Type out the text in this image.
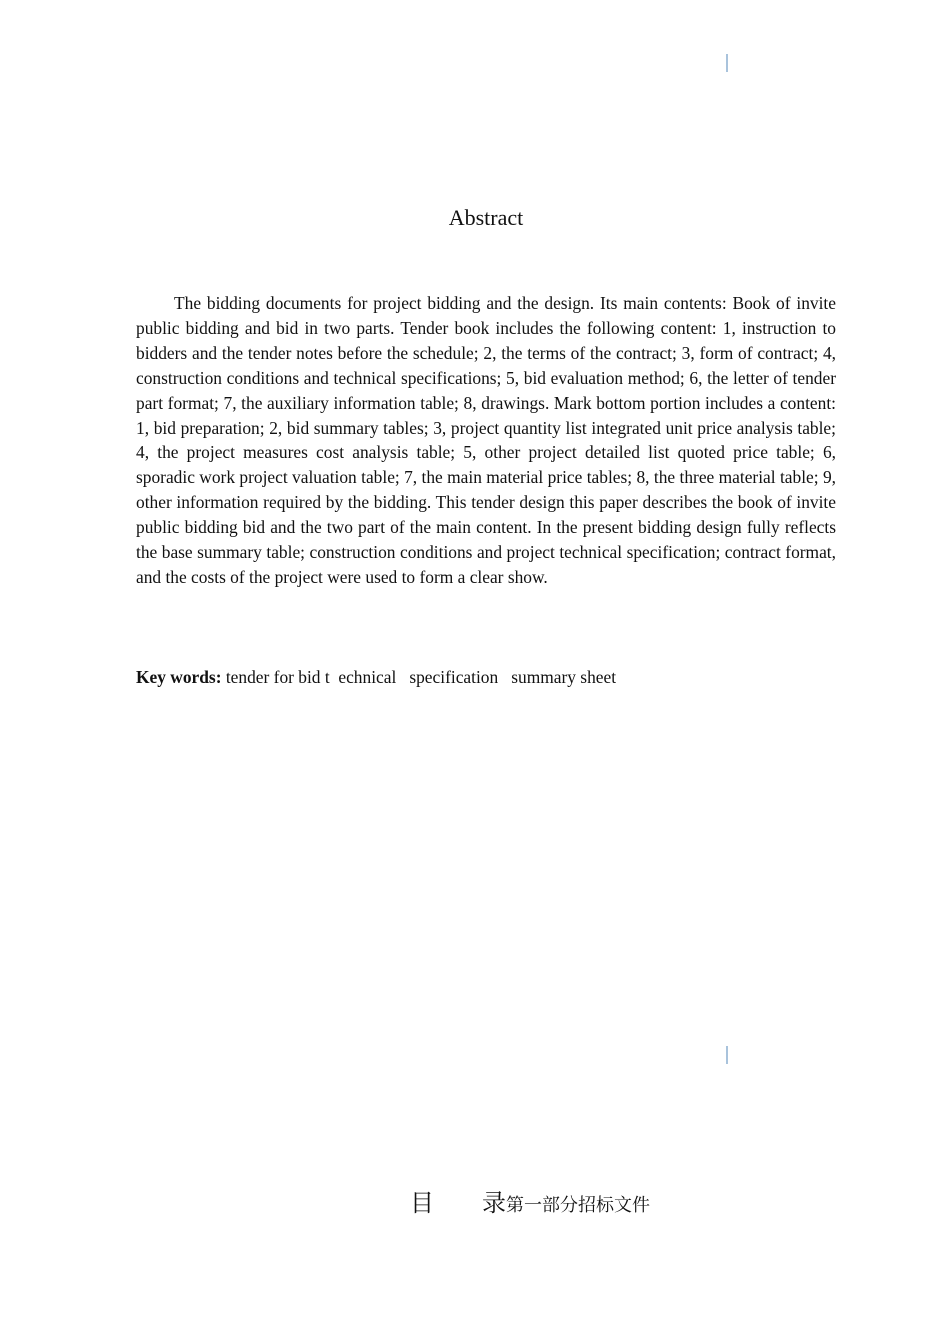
Abstract

The bidding documents for project bidding and the design. Its main contents: Book of invite public bidding and bid in two parts. Tender book includes the following content: 1, instruction to bidders and the tender notes before the schedule; 2, the terms of the contract; 3, form of contract; 4, construction conditions and technical specifications; 5, bid evaluation method; 6, the letter of tender part format; 7, the auxiliary information table; 8, drawings. Mark bottom portion includes a content: 1, bid preparation; 2, bid summary tables; 3, project quantity list integrated unit price analysis table; 4, the project measures cost analysis table; 5, other project detailed list quoted price table; 6, sporadic work project valuation table; 7, the main material price tables; 8, the three material table; 9, other information required by the bidding. This tender design this paper describes the book of invite public bidding bid and the two part of the main content. In the present bidding design fully reflects the base summary table; construction conditions and project technical specification; contract format, and the costs of the project were used to form a clear show.

Key words: tender for bid t  echnical   specification   summary sheet

目 录第一部分招标文件
